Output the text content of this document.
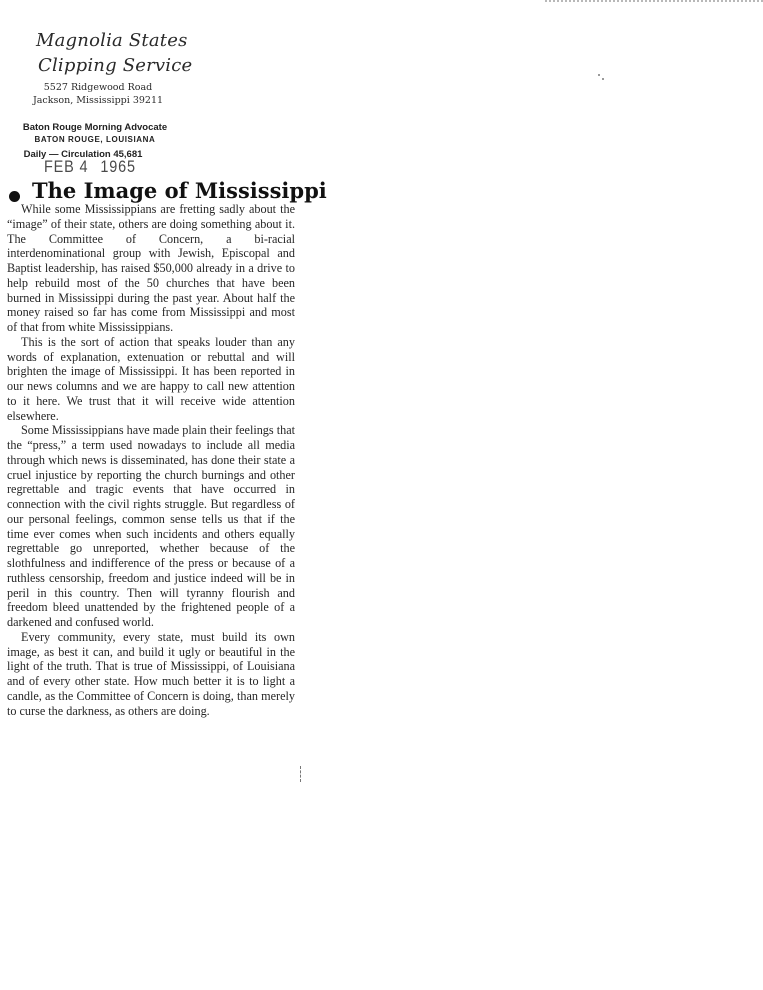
Magnolia States
Clipping Service
5527 Ridgewood Road
Jackson, Mississippi 39211
Baton Rouge Morning Advocate
BATON ROUGE, LOUISIANA
Daily — Circulation 45,681
FEB 4 1965
The Image of Mississippi

While some Mississippians are fretting sadly about the “image” of their state, others are doing something about it. The Committee of Concern, a bi-racial interdenominational group with Jewish, Episcopal and Baptist leadership, has raised $50,000 already in a drive to help rebuild most of the 50 churches that have been burned in Mississippi during the past year. About half the money raised so far has come from Mississippi and most of that from white Mississippians.

This is the sort of action that speaks louder than any words of explanation, extenuation or rebuttal and will brighten the image of Mississippi. It has been reported in our news columns and we are happy to call new attention to it here. We trust that it will receive wide attention elsewhere.

Some Mississippians have made plain their feelings that the “press,” a term used nowadays to include all media through which news is disseminated, has done their state a cruel injustice by reporting the church burnings and other regrettable and tragic events that have occurred in connection with the civil rights struggle. But regardless of our personal feelings, common sense tells us that if the time ever comes when such incidents and others equally regrettable go unreported, whether because of the slothfulness and indifference of the press or because of a ruthless censorship, freedom and justice indeed will be in peril in this country. Then will tyranny flourish and freedom bleed unattended by the frightened people of a darkened and confused world.

Every community, every state, must build its own image, as best it can, and build it ugly or beautiful in the light of the truth. That is true of Mississippi, of Louisiana and of every other state. How much better it is to light a candle, as the Committee of Concern is doing, than merely to curse the darkness, as others are doing.
